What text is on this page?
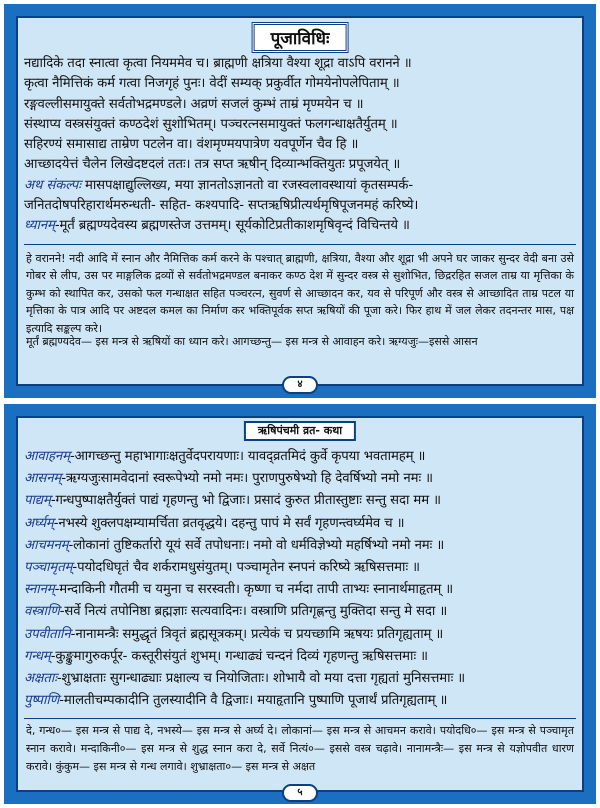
पूजाविधिः
नद्यादिके तदा स्नात्वा कृत्वा नियममेव च। ब्राह्मणी क्षत्रिया वैश्या शूद्रा वाऽपि वरानने ॥
कृत्वा नैमित्तिकं कर्म गत्वा निजगृहं पुनः। वेदीं सम्यक् प्रकुर्वीत गोमयेनोपलेपिताम् ॥
रङ्गवल्लीसमायुक्ते सर्वतोभद्रमण्डले। अव्रणं सजलं कुम्भं ताम्रं मृण्मयेन च ॥
संस्थाप्य वस्त्रसंयुक्तं कण्ठदेशं सुशोभितम्। पञ्चरत्नसमायुक्तं फलगन्धाक्षतैर्युतम् ॥
सहिरण्यं समासाद्य ताम्रेण पटलेन वा। वंशमृण्मयपात्रेण यवपूर्णेन चैव हि ॥
आच्छादयेत्तं चैलेन लिखेदष्टदलं ततः। तत्र सप्त ऋषीन् दिव्यान्भक्तियुतः प्रपूजयेत् ॥
अथ संकल्पः मासपक्षाद्युल्लिख्य, मया ज्ञानतोऽज्ञानतो वा रजस्वलावस्थायां कृतसम्पर्क-
जनितदोषपरिहारार्थमरुन्धती- सहित- कश्यपादि- सप्तऋषिप्रीत्यर्थमृषिपूजनमहं करिष्ये।
ध्यानम्-मूर्तं ब्रह्मण्यदेवस्य ब्रह्मणस्तेज उत्तमम्। सूर्यकोटिप्रतीकाशमृषिवृन्दं विचिन्तये ॥
हे वरानने! नदी आदि में स्नान और नैमित्तिक कर्म करने के पश्चात् ब्राह्मणी, क्षत्रिया, वैश्या और शूद्रा भी अपने घर जाकर सुन्दर वेदी बना उसे गोबर से लीप, उस पर माङ्गलिक द्रव्यों से सर्वतोभद्रमण्डल बनाकर कण्ठ देश में सुन्दर वस्त्र से सुशोभित, छिद्ररहित सजल ताम्र या मृत्तिका के कुम्भ को स्थापित कर, उसको फल गन्धाक्षत सहित पञ्चरत्न, सुवर्ण से आच्छादन कर, यव से परिपूर्ण और वस्त्र से आच्छादित ताम्र पटल या मृत्तिका के पात्र आदि पर अष्टदल कमल का निर्माण कर भक्तिपूर्वक सप्त ऋषियों की पूजा करे। फिर हाथ में जल लेकर तदनन्तर मास, पक्ष इत्यादि सङ्कल्प करे।
मूर्तं ब्रह्मण्यदेव— इस मन्त्र से ऋषियों का ध्यान करे। आगच्छन्तु— इस मन्त्र से आवाहन करे। ऋग्यजुः—इससे आसन
४
ऋषिपंचमी व्रत- कथा
आवाहनम्-आगच्छन्तु महाभागाःक्षतुर्वेदपरायणाः। यावद्व्रतमिदं कुर्वे कृपया भवतामहम् ॥
आसनम्-ऋग्यजुःसामवेदानां स्वरूपेभ्यो नमो नमः। पुराणपुरुषेभ्यो हि देवर्षिभ्यो नमो नमः ॥
पाद्यम्-गन्धपुष्पाक्षतैर्युक्तं पाद्यं गृहणन्तु भो द्विजाः। प्रसादं कुरुत प्रीतास्तुष्टाः सन्तु सदा मम ॥
अर्घ्यम्-नभस्ये शुक्लपक्षम्यामर्चिता व्रतवृद्धये। दहन्तु पापं मे सर्वं गृहणन्त्वर्घ्यमेव च ॥
आचमनम्-लोकानां तुष्टिकर्तारो यूयं सर्वे तपोधनाः। नमो वो धर्मविज्ञेभ्यो महर्षिभ्यो नमो नमः ॥
पञ्चामृतम्-पयोदधिघृतं चैव शर्करामधुसंयुतम्। पञ्चामृतेन स्नपनं करिष्ये ऋषिसत्तमाः ॥
स्नानम्-मन्दाकिनी गौतमी च यमुना च सरस्वती। कृष्णा च नर्मदा तापी ताभ्यः स्नानार्थमाहृतम् ॥
वस्त्राणि-सर्वे नित्यं तपोनिष्ठा ब्रह्मज्ञाः सत्यवादिनः। वस्त्राणि प्रतिगृह्णन्तु मुक्तिदा सन्तु मे सदा ॥
उपवीतानि-नानामन्त्रैः समुद्धृतं त्रिवृतं ब्रह्मसूत्रकम्। प्रत्येकं च प्रयच्छामि ऋषयः प्रतिगृह्यताम् ॥
गन्धम्-कुङ्कुमागुरुकर्पूर- कस्तूरीसंयुतं शुभम्। गन्धाढ्यं चन्दनं दिव्यं गृहणन्तु ऋषिसत्तमाः ॥
अक्षताः-शुभ्राक्षताः सुगन्धाढ्याः प्रक्षाल्य च नियोजिताः। शोभायै वो मया दत्ता गृह्यतां मुनिसत्तमाः ॥
पुष्पाणि-मालतीचम्पकादीनि तुलस्यादीनि वै द्विजाः। मयाहृतानि पुष्पाणि पूजार्थं प्रतिगृह्यताम् ॥
दे, गन्ध०— इस मन्त्र से पाद्य दे, नभस्ये— इस मन्त्र से अर्घ्य दे। लोकानां— इस मन्त्र से आचमन करावे। पयोदधि०— इस मन्त्र से पञ्चामृत स्नान करावे। मन्दाकिनी०— इस मन्त्र से शुद्ध स्नान करा दे, सर्वे नित्यं०— इससे वस्त्र चढ़ावे। नानामन्त्रैः— इस मन्त्र से यज्ञोपवीत धारण करावे। कुंकुम— इस मन्त्र से गन्ध लगावे। शुभ्राक्षता०— इस मन्त्र से अक्षत
५
